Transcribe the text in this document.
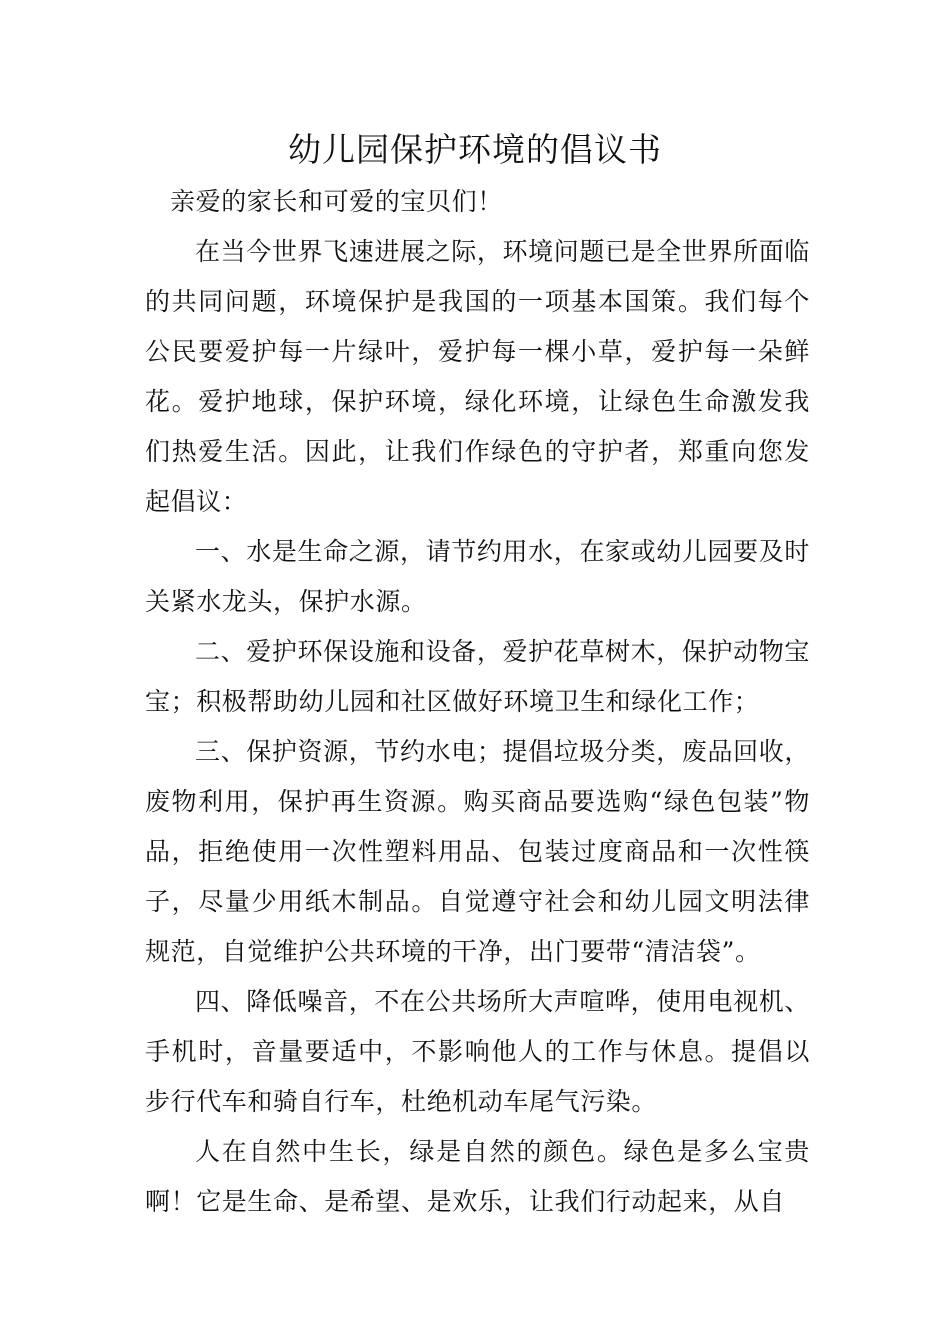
幼儿园保护环境的倡议书

亲爱的家长和可爱的宝贝们！

在当今世界飞速进展之际，环境问题已是全世界所面临的共同问题，环境保护是我国的一项基本国策。我们每个公民要爱护每一片绿叶，爱护每一棵小草，爱护每一朵鲜花。爱护地球，保护环境，绿化环境，让绿色生命激发我们热爱生活。因此，让我们作绿色的守护者，郑重向您发起倡议：

一、水是生命之源，请节约用水，在家或幼儿园要及时关紧水龙头，保护水源。

二、爱护环保设施和设备，爱护花草树木，保护动物宝宝；积极帮助幼儿园和社区做好环境卫生和绿化工作；

三、保护资源，节约水电；提倡垃圾分类，废品回收，废物利用，保护再生资源。购买商品要选购“绿色包装”物品，拒绝使用一次性塑料用品、包装过度商品和一次性筷子，尽量少用纸木制品。自觉遵守社会和幼儿园文明法律规范，自觉维护公共环境的干净，出门要带“清洁袋”。

四、降低噪音，不在公共场所大声喧哗，使用电视机、手机时，音量要适中，不影响他人的工作与休息。提倡以步行代车和骑自行车，杜绝机动车尾气污染。

人在自然中生长，绿是自然的颜色。绿色是多么宝贵啊！它是生命、是希望、是欢乐，让我们行动起来，从自
